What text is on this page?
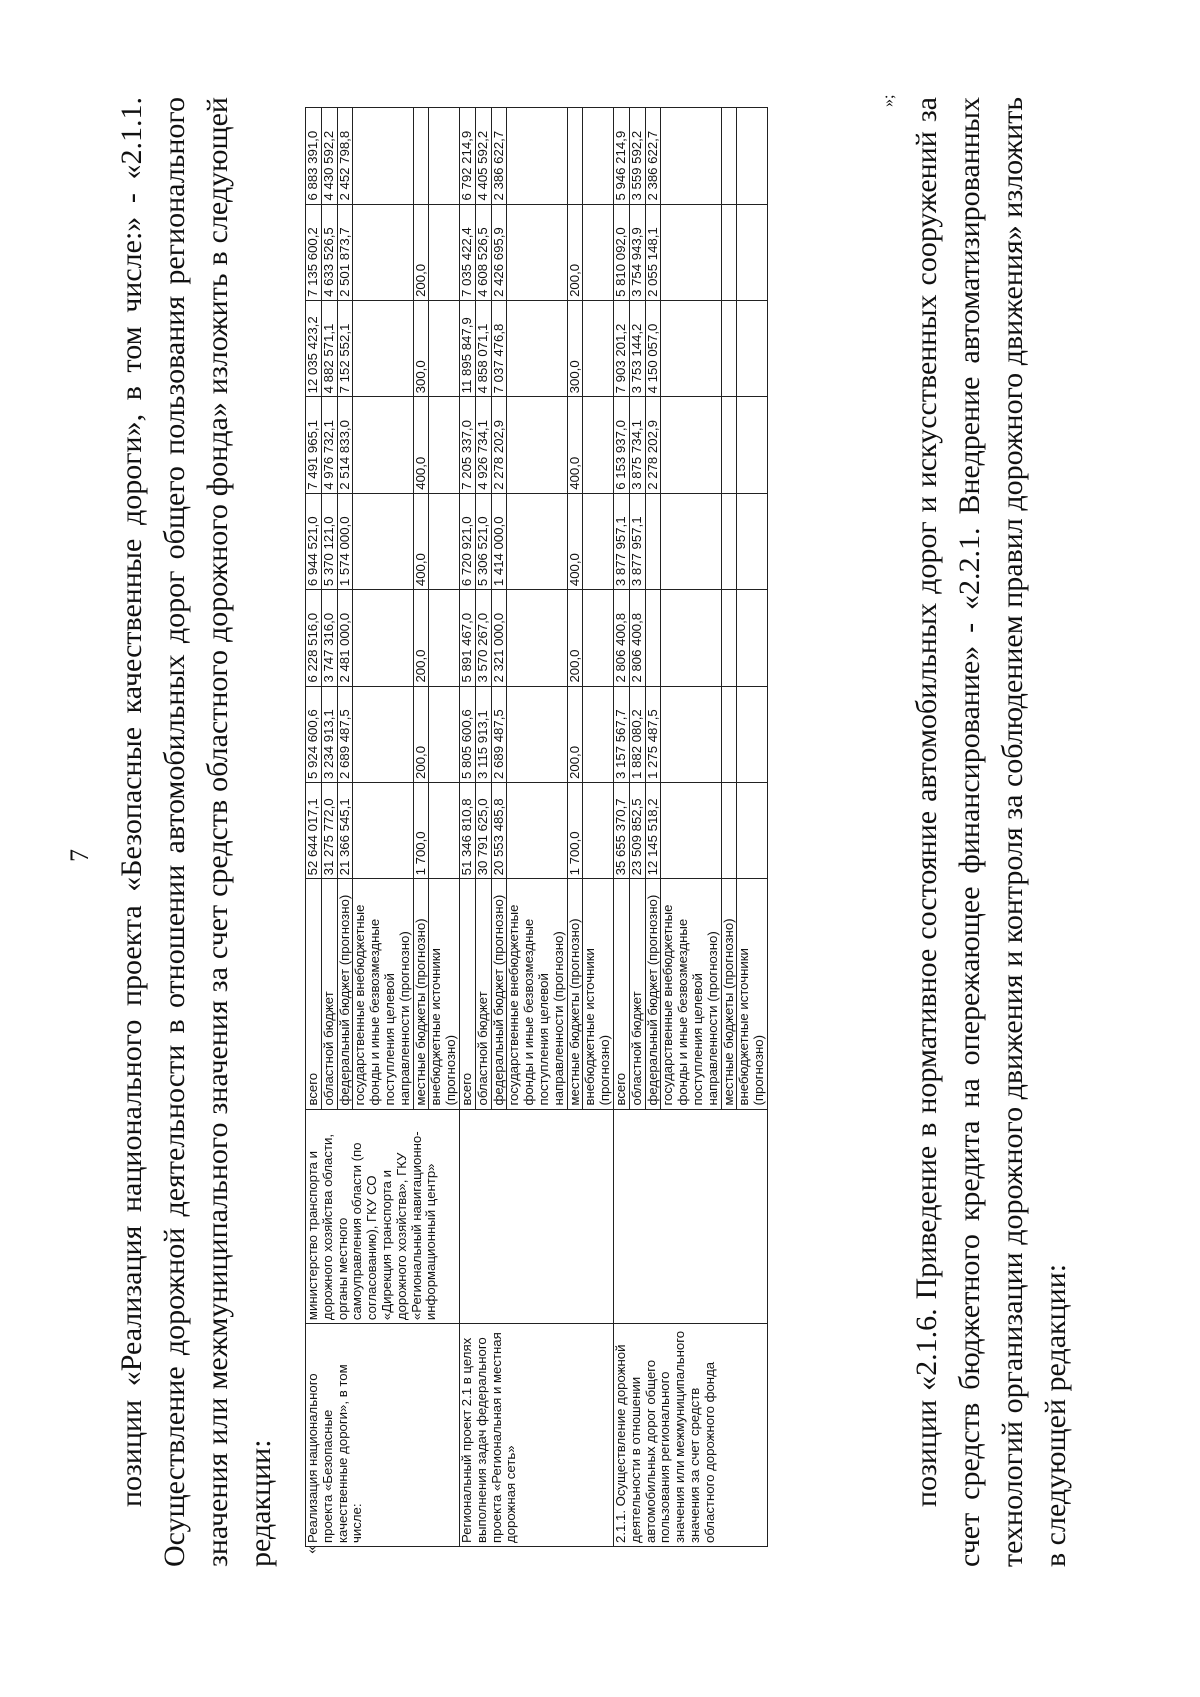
7 позиции «Реализация национального проекта «Безопасные качественные дороги», в том числе:» - «2.1.1. Осуществление дорожной деятельности в отношении автомобильных дорог общего пользования регионального значения или межмуниципального значения за счет средств областного дорожного фонда» изложить в следующей редакции:	«
Реализация национального проекта «Безопасные качественные дороги», в том числе:	министерство транспорта и дорожного хозяйства области, органы местного самоуправления области (по согласованию), ГКУ СО «Дирекция транспорта и дорожного хозяйства», ГКУ «Региональный навигационно-информационный центр»	всего	52 644 017,1	5 924 600,6	6 228 516,0	6 944 521,0	7 491 965,1	12 035 423,2	7 135 600,2	6 883 391,0
		областной бюджет	31 275 772,0	3 234 913,1	3 747 316,0	5 370 121,0	4 976 732,1	4 882 571,1	4 633 526,5	4 430 592,2
		федеральный бюджет (прогнозно)	21 366 545,1	2 689 487,5	2 481 000,0	1 574 000,0	2 514 833,0	7 152 552,1	2 501 873,7	2 452 798,8
		государственные внебюджетные фонды и иные безвозмездные поступления целевой направленности (прогнозно)								
		местные бюджеты (прогнозно)	1 700,0	200,0	200,0	400,0	400,0	300,0	200,0	
		внебюджетные источники (прогнозно)								
Региональный проект 2.1 в целях выполнения задач федерального проекта «Региональная и местная дорожная сеть»		всего	51 346 810,8	5 805 600,6	5 891 467,0	6 720 921,0	7 205 337,0	11 895 847,9	7 035 422,4	6 792 214,9
		областной бюджет	30 791 625,0	3 115 913,1	3 570 267,0	5 306 521,0	4 926 734,1	4 858 071,1	4 608 526,5	4 405 592,2
		федеральный бюджет (прогнозно)	20 553 485,8	2 689 487,5	2 321 000,0	1 414 000,0	2 278 202,9	7 037 476,8	2 426 695,9	2 386 622,7
		государственные внебюджетные фонды и иные безвозмездные поступления целевой направленности (прогнозно)								
		местные бюджеты (прогнозно)	1 700,0	200,0	200,0	400,0	400,0	300,0	200,0	
		внебюджетные источники (прогнозно)								
2.1.1. Осуществление дорожной деятельности в отношении автомобильных дорог общего пользования регионального значения или межмуниципального значения за счет средств областного дорожного фонда		всего	35 655 370,7	3 157 567,7	2 806 400,8	3 877 957,1	6 153 937,0	7 903 201,2	5 810 092,0	5 946 214,9
		областной бюджет	23 509 852,5	1 882 080,2	2 806 400,8	3 877 957,1	3 875 734,1	3 753 144,2	3 754 943,9	3 559 592,2
		федеральный бюджет (прогнозно)	12 145 518,2	1 275 487,5			2 278 202,9	4 150 057,0	2 055 148,1	2 386 622,7
		государственные внебюджетные фонды и иные безвозмездные поступления целевой направленности (прогнозно)								
		местные бюджеты (прогнозно)								
		внебюджетные источники (прогнозно)								
»; позиции «2.1.6. Приведение в нормативное состояние автомобильных дорог и искусственных сооружений за счет средств бюджетного кредита на опережающее финансирование» - «2.2.1. Внедрение автоматизированных технологий организации дорожного движения и контроля за соблюдением правил дорожного движения» изложить в следующей редакции:
